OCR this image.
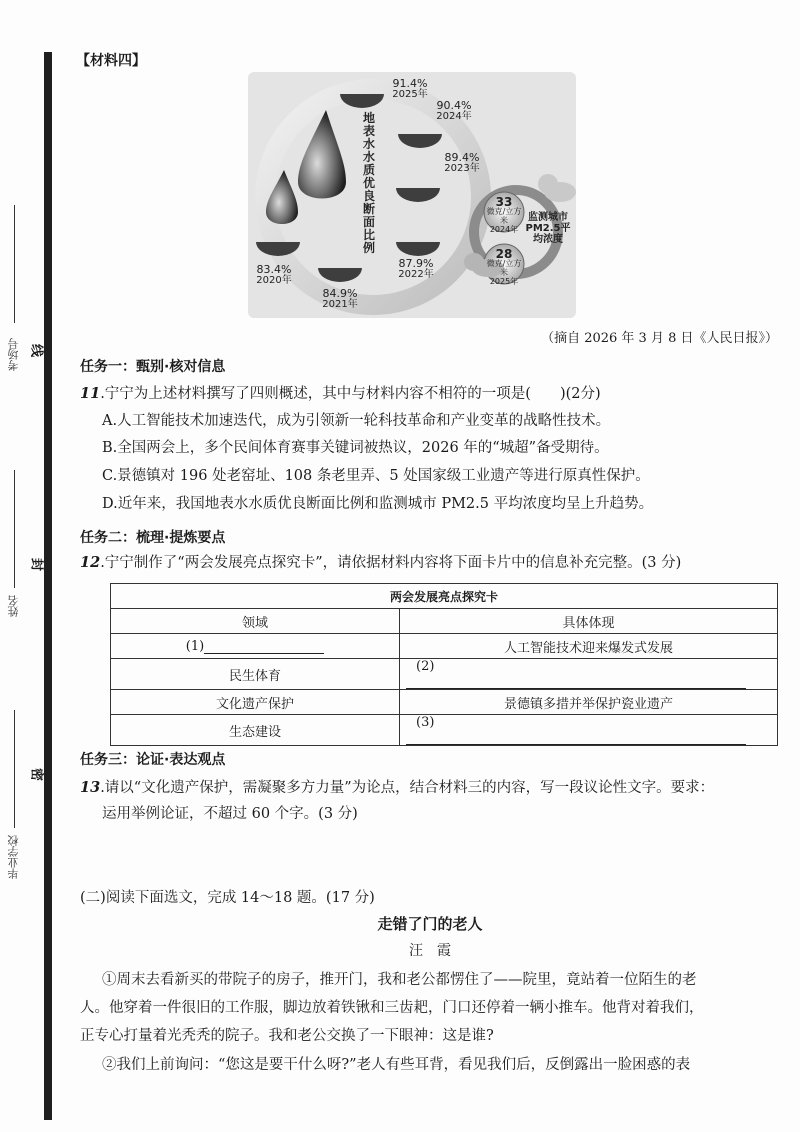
考场号
姓名
毕业学校
线
封
密
【材料四】
地表水水质优良断面比例
83.4%
2020年
84.9%
2021年
87.9%
2022年
89.4%
2023年
90.4%
2024年
91.4%
2025年
监测城市PM2.5平均浓度
33
微克/立方米
2024年
28
微克/立方米
2025年
（摘自 2026 年 3 月 8 日《人民日报》）
任务一：甄别·核对信息
11.宁宁为上述材料撰写了四则概述，其中与材料内容不相符的一项是(　　)(2分)
A.人工智能技术加速迭代，成为引领新一轮科技革命和产业变革的战略性技术。
B.全国两会上，多个民间体育赛事关键词被热议，2026 年的“城超”备受期待。
C.景德镇对 196 处老窑址、108 条老里弄、5 处国家级工业遗产等进行原真性保护。
D.近年来，我国地表水水质优良断面比例和监测城市 PM2.5 平均浓度均呈上升趋势。
任务二：梳理·提炼要点
12.宁宁制作了“两会发展亮点探究卡”，请依据材料内容将下面卡片中的信息补充完整。(3 分)
两会发展亮点探究卡	
领域	具体体现
(1)	人工智能技术迎来爆发式发展
民生体育	(2)
文化遗产保护	景德镇多措并举保护瓷业遗产
生态建设	(3)
任务三：论证·表达观点
13.请以“文化遗产保护，需凝聚多方力量”为论点，结合材料三的内容，写一段议论性文字。要求：
运用举例论证，不超过 60 个字。(3 分)
(二)阅读下面选文，完成 14～18 题。(17 分)
走错了门的老人
汪　霞
①周末去看新买的带院子的房子，推开门，我和老公都愣住了——院里，竟站着一位陌生的老
人。他穿着一件很旧的工作服，脚边放着铁锹和三齿耙，门口还停着一辆小推车。他背对着我们，
正专心打量着光秃秃的院子。我和老公交换了一下眼神：这是谁?
②我们上前询问：“您这是要干什么呀?”老人有些耳背，看见我们后，反倒露出一脸困惑的表
